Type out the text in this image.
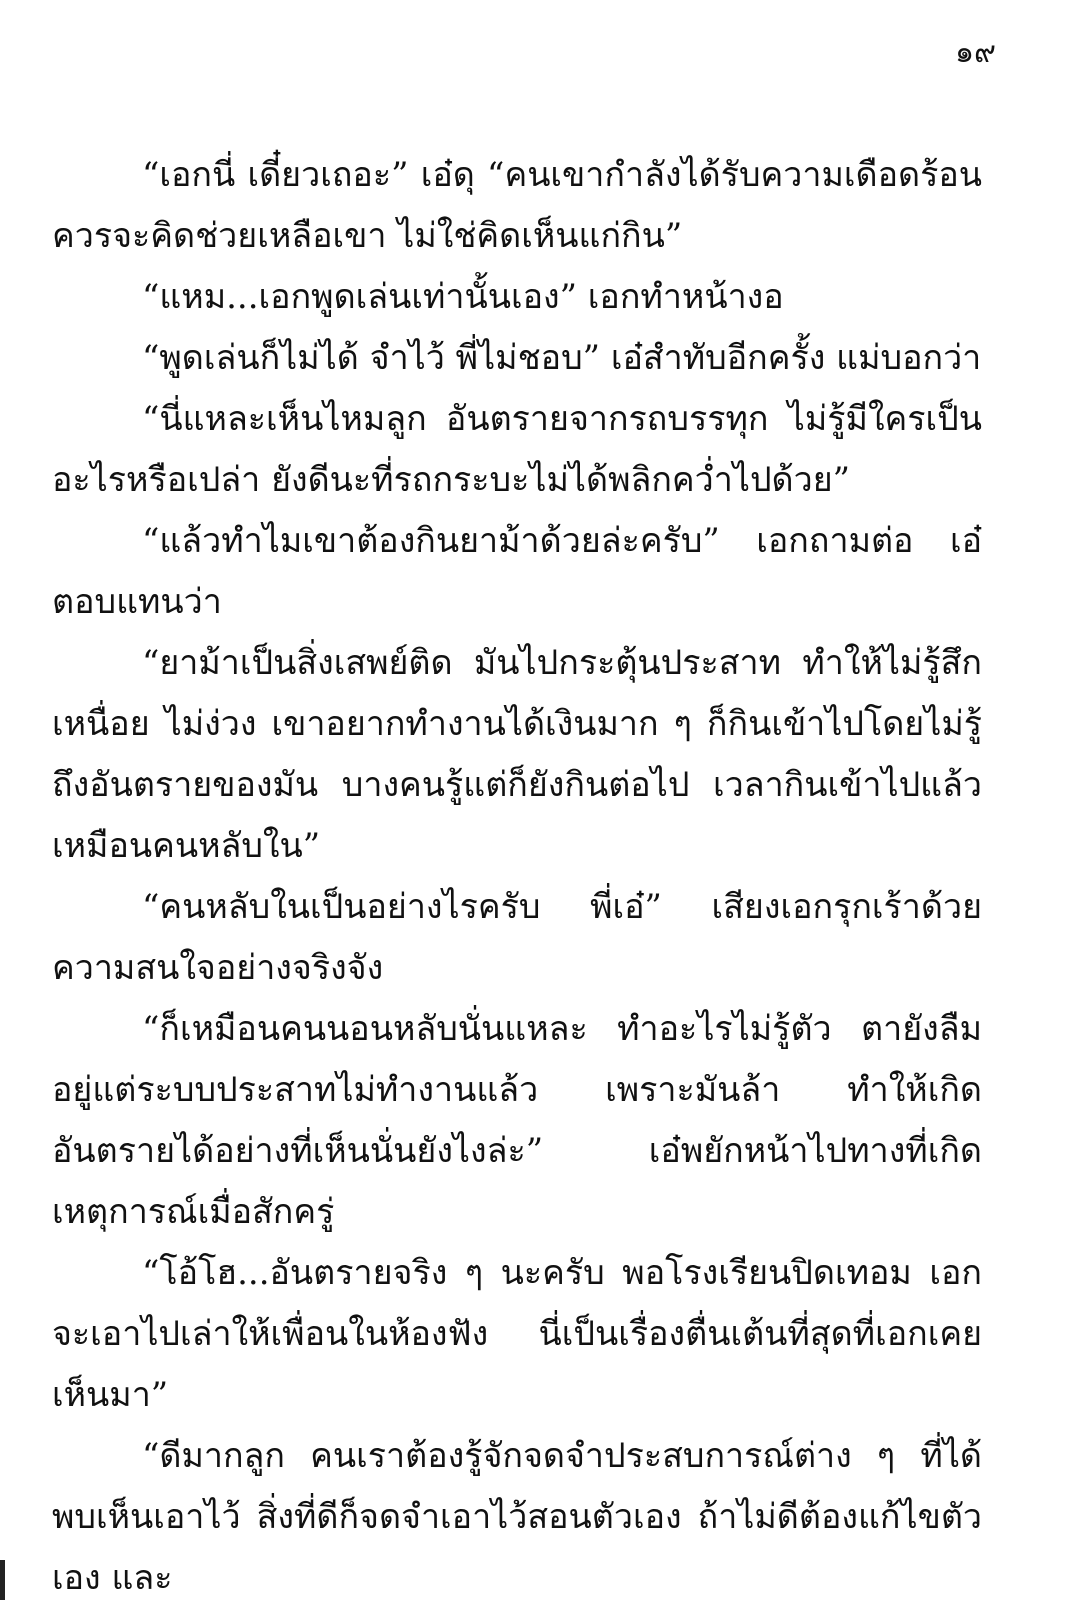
๑๙

“เอกนี่ เดี๋ยวเถอะ” เอ๋ดุ “คนเขากำลังได้รับความเดือดร้อน ควรจะคิดช่วยเหลือเขา ไม่ใช่คิดเห็นแก่กิน”

“แหม...เอกพูดเล่นเท่านั้นเอง” เอกทำหน้างอ

“พูดเล่นก็ไม่ได้ จำไว้ พี่ไม่ชอบ” เอ๋สำทับอีกครั้ง แม่บอกว่า

“นี่แหละเห็นไหมลูก อันตรายจากรถบรรทุก ไม่รู้มีใครเป็นอะไรหรือเปล่า ยังดีนะที่รถกระบะไม่ได้พลิกคว่ำไปด้วย”

“แล้วทำไมเขาต้องกินยาม้าด้วยล่ะครับ” เอกถามต่อ เอ๋ตอบแทนว่า

“ยาม้าเป็นสิ่งเสพย์ติด มันไปกระตุ้นประสาท ทำให้ไม่รู้สึกเหนื่อย ไม่ง่วง เขาอยากทำงานได้เงินมาก ๆ ก็กินเข้าไปโดยไม่รู้ถึงอันตรายของมัน บางคนรู้แต่ก็ยังกินต่อไป เวลากินเข้าไปแล้วเหมือนคนหลับใน”

“คนหลับในเป็นอย่างไรครับ พี่เอ๋” เสียงเอกรุกเร้าด้วยความสนใจอย่างจริงจัง

“ก็เหมือนคนนอนหลับนั่นแหละ ทำอะไรไม่รู้ตัว ตายังลืมอยู่แต่ระบบประสาทไม่ทำงานแล้ว เพราะมันล้า ทำให้เกิดอันตรายได้อย่างที่เห็นนั่นยังไงล่ะ” เอ๋พยักหน้าไปทางที่เกิดเหตุการณ์เมื่อสักครู่

“โอ้โฮ...อันตรายจริง ๆ นะครับ พอโรงเรียนปิดเทอม เอกจะเอาไปเล่าให้เพื่อนในห้องฟัง นี่เป็นเรื่องตื่นเต้นที่สุดที่เอกเคยเห็นมา”

“ดีมากลูก คนเราต้องรู้จักจดจำประสบการณ์ต่าง ๆ ที่ได้พบเห็นเอาไว้ สิ่งที่ดีก็จดจำเอาไว้สอนตัวเอง ถ้าไม่ดีต้องแก้ไขตัวเอง และ
